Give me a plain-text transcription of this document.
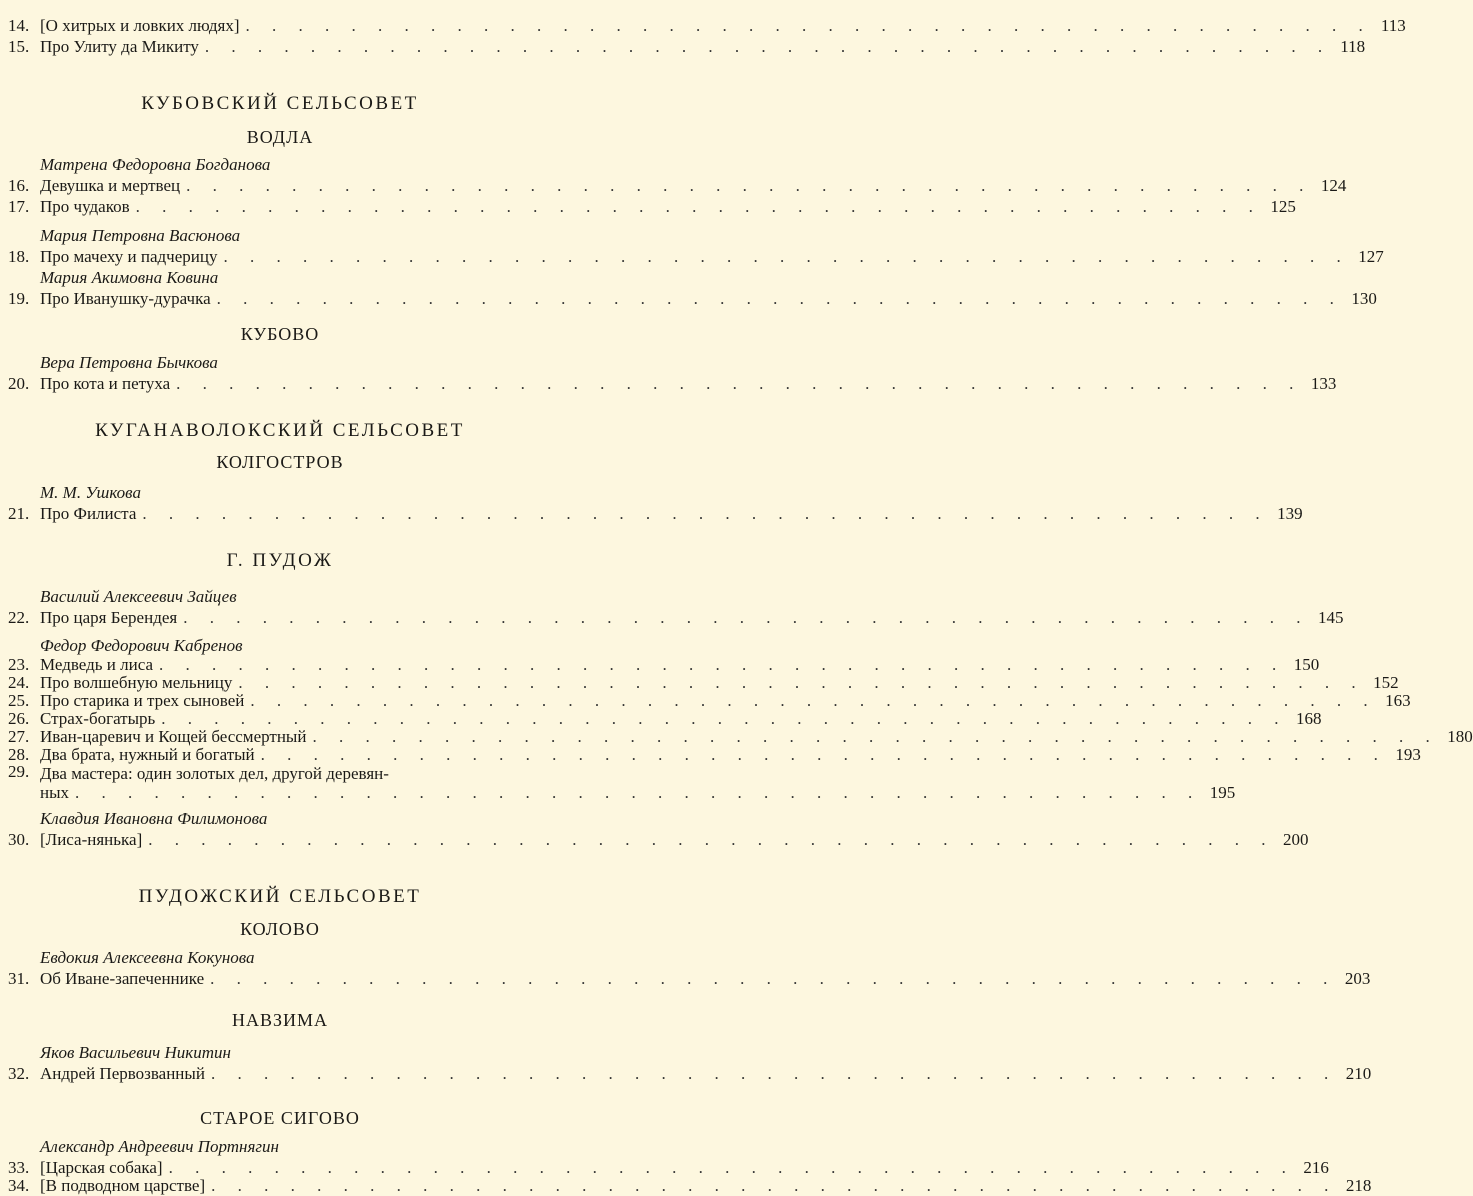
14. [О хитрых и ловких людях] . . . . . . . . . . . . . . . . . . . . . . . . . . . . . . . . . . . . . . . . . . . 113
15. Про Улиту да Микиту . . . . . . . . . . . . . . . . . . . . . . . . . . . . . . . . . . . . . . . . . . . 118
КУБОВСКИЙ СЕЛЬСОВЕТ
ВОДЛА
Матрена Федоровна Богданова
16. Девушка и мертвец . . . . . . . . . . . . . . . . . . . . . . . . . . . . . . . . . . . . . . . . . . . 124
17. Про чудаков . . . . . . . . . . . . . . . . . . . . . . . . . . . . . . . . . . . . . . . . . . . 125
Мария Петровна Васюнова
18. Про мачеху и падчерицу . . . . . . . . . . . . . . . . . . . . . . . . . . . . . . . . . . . . . . . . . . . 127
Мария Акимовна Ковина
19. Про Иванушку-дурачка . . . . . . . . . . . . . . . . . . . . . . . . . . . . . . . . . . . . . . . . . . . 130
КУБОВО
Вера Петровна Бычкова
20. Про кота и петуха . . . . . . . . . . . . . . . . . . . . . . . . . . . . . . . . . . . . . . . . . . . 133
КУГАНАВОЛОКСКИЙ СЕЛЬСОВЕТ
КОЛГОСТРОВ
М. М. Ушкова
21. Про Филиста . . . . . . . . . . . . . . . . . . . . . . . . . . . . . . . . . . . . . . . . . . . 139
Г. ПУДОЖ
Василий Алексеевич Зайцев
22. Про царя Берендея . . . . . . . . . . . . . . . . . . . . . . . . . . . . . . . . . . . . . . . . . . . 145
Федор Федорович Кабренов
23. Медведь и лиса . . . . . . . . . . . . . . . . . . . . . . . . . . . . . . . . . . . . . . . . . . . 150
24. Про волшебную мельницу . . . . . . . . . . . . . . . . . . . . . . . . . . . . . . . . . . . . . . . . . . . 152
25. Про старика и трех сыновей . . . . . . . . . . . . . . . . . . . . . . . . . . . . . . . . . . . . . . . . . . . 163
26. Страх-богатырь . . . . . . . . . . . . . . . . . . . . . . . . . . . . . . . . . . . . . . . . . . . 168
27. Иван-царевич и Кощей бессмертный . . . . . . . . . . . . . . . . . . . . . . . . . . . . . . . . . . . . . . . . . . . 180
28. Два брата, нужный и богатый . . . . . . . . . . . . . . . . . . . . . . . . . . . . . . . . . . . . . . . . . . . 193
29. Два мастера: один золотых дел, другой деревян-
ных . . . . . . . . . . . . . . . . . . . . . . . . . . . . . . . . . . . . . . . . . . . 195
Клавдия Ивановна Филимонова
30. [Лиса-нянька] . . . . . . . . . . . . . . . . . . . . . . . . . . . . . . . . . . . . . . . . . . . 200
ПУДОЖСКИЙ СЕЛЬСОВЕТ
КОЛОВО
Евдокия Алексеевна Кокунова
31. Об Иване-запеченнике . . . . . . . . . . . . . . . . . . . . . . . . . . . . . . . . . . . . . . . . . . . 203
НАВЗИМА
Яков Васильевич Никитин
32. Андрей Первозванный . . . . . . . . . . . . . . . . . . . . . . . . . . . . . . . . . . . . . . . . . . . 210
СТАРОЕ СИГОВО
Александр Андреевич Портнягин
33. [Царская собака] . . . . . . . . . . . . . . . . . . . . . . . . . . . . . . . . . . . . . . . . . . . 216
34. [В подводном царстве] . . . . . . . . . . . . . . . . . . . . . . . . . . . . . . . . . . . . . . . . . . . 218
